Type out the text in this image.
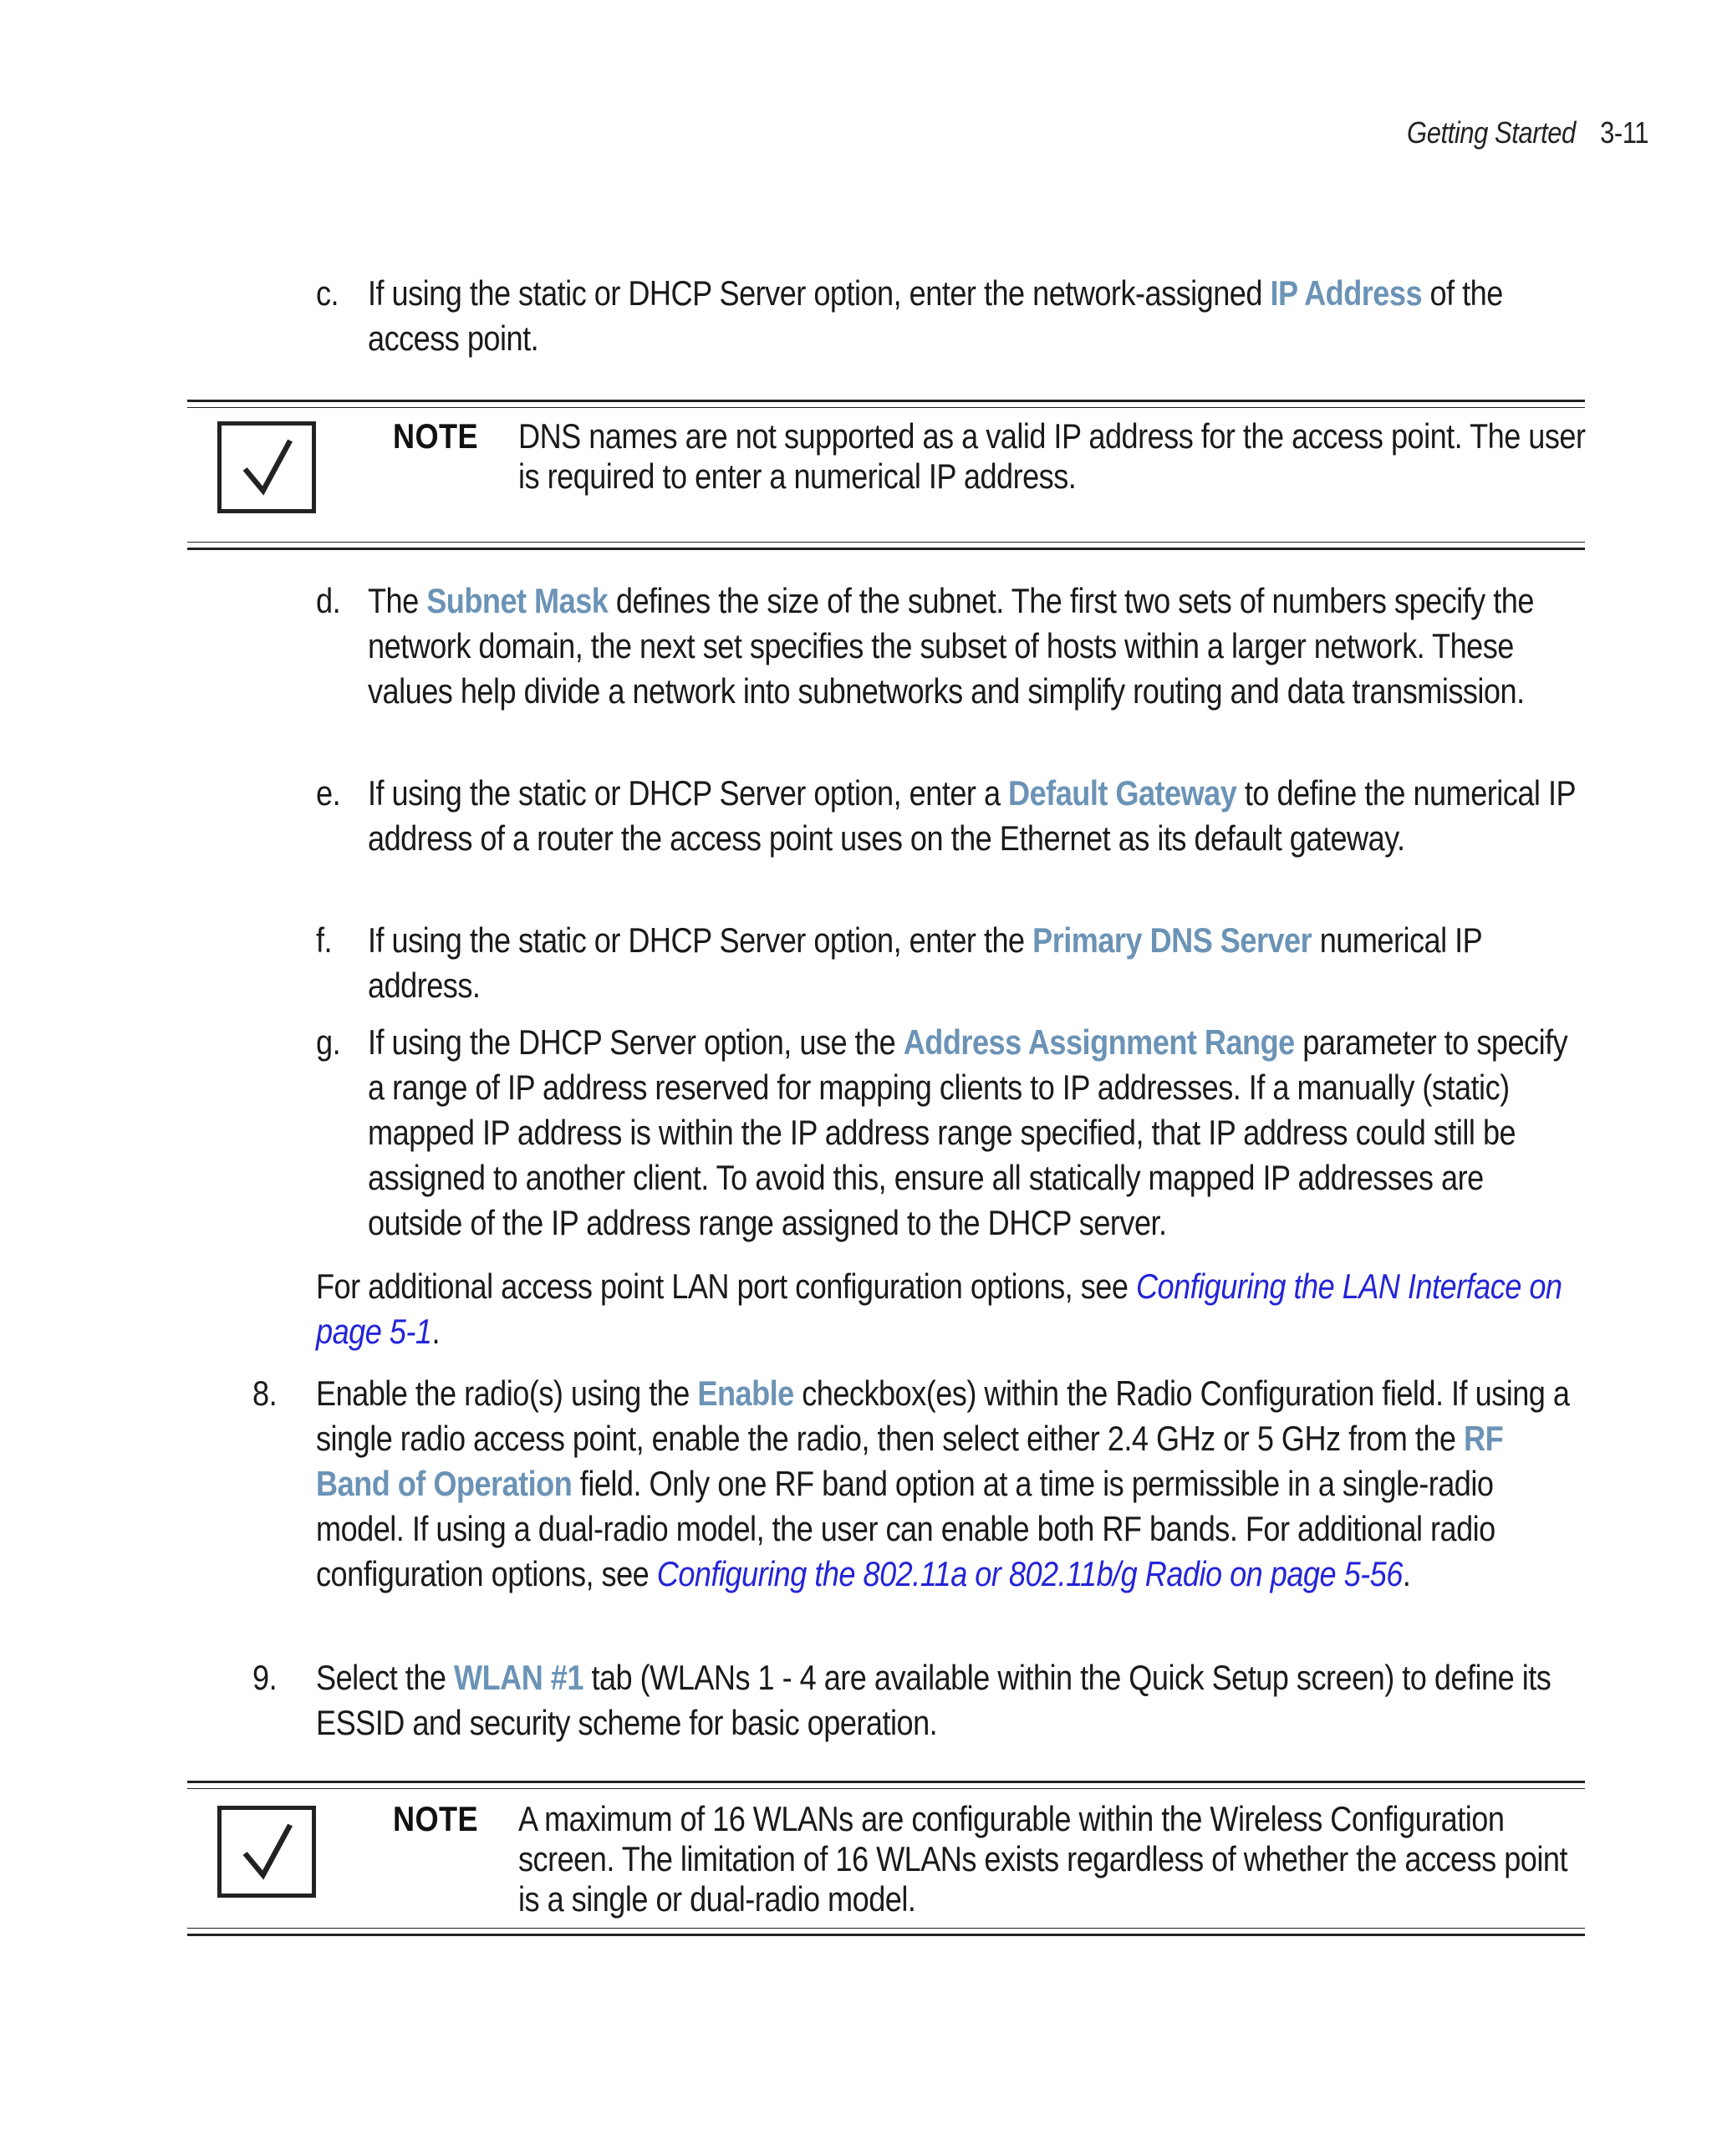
Getting Started 3-11
c. If using the static or DHCP Server option, enter the network-assigned IP Address of the access point.
NOTE DNS names are not supported as a valid IP address for the access point. The user is required to enter a numerical IP address.
d. The Subnet Mask defines the size of the subnet. The first two sets of numbers specify the network domain, the next set specifies the subset of hosts within a larger network. These values help divide a network into subnetworks and simplify routing and data transmission.
e. If using the static or DHCP Server option, enter a Default Gateway to define the numerical IP address of a router the access point uses on the Ethernet as its default gateway.
f. If using the static or DHCP Server option, enter the Primary DNS Server numerical IP address.
g. If using the DHCP Server option, use the Address Assignment Range parameter to specify a range of IP address reserved for mapping clients to IP addresses. If a manually (static) mapped IP address is within the IP address range specified, that IP address could still be assigned to another client. To avoid this, ensure all statically mapped IP addresses are outside of the IP address range assigned to the DHCP server.
For additional access point LAN port configuration options, see Configuring the LAN Interface on page 5-1.
8. Enable the radio(s) using the Enable checkbox(es) within the Radio Configuration field. If using a single radio access point, enable the radio, then select either 2.4 GHz or 5 GHz from the RF Band of Operation field. Only one RF band option at a time is permissible in a single-radio model. If using a dual-radio model, the user can enable both RF bands. For additional radio configuration options, see Configuring the 802.11a or 802.11b/g Radio on page 5-56.
9. Select the WLAN #1 tab (WLANs 1 - 4 are available within the Quick Setup screen) to define its ESSID and security scheme for basic operation.
NOTE A maximum of 16 WLANs are configurable within the Wireless Configuration screen. The limitation of 16 WLANs exists regardless of whether the access point is a single or dual-radio model.
